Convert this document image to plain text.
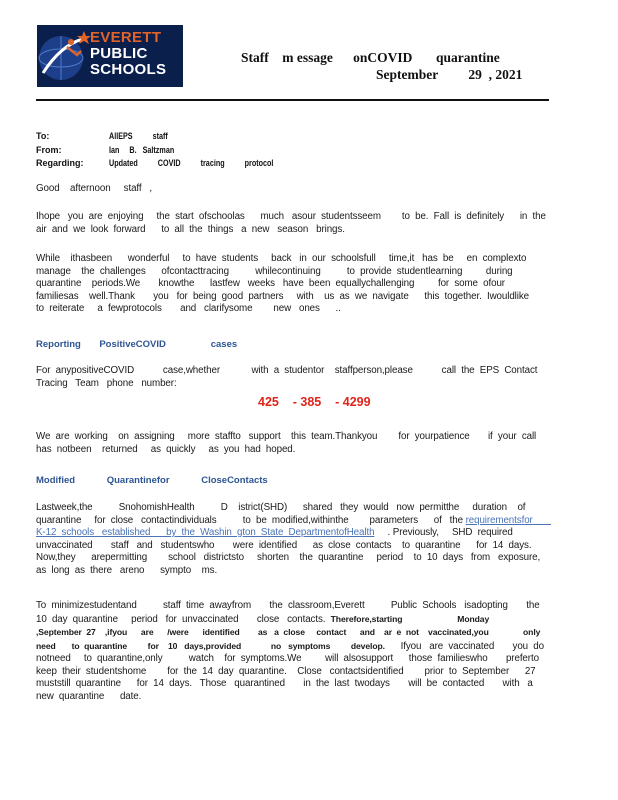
EVERETT
PUBLIC
SCHOOLS
Staff    m essage      onCOVID       quarantine
September         29  , 2021
To:	AllEPS          staff
From:	Ian     B.   Saltzman
Regarding:	Updated          COVID          tracing          protocol

Good    afternoon     staff   ,

Ihope   you  are  enjoying     the  start  ofschoolas      much   asour  studentsseem        to  be.  Fall  is  definitely      in  the  air  and  we  look  forward      to  all  the  things   a  new   season   brings.

While    ithasbeen      wonderful     to  have  students     back   in  our  schoolsfull     time,it   has  be     en  complexto  manage    the  challenges      ofcontacttracing          whilecontinuing          to  provide  studentlearning         during  quarantine    periods.We       knowthe      lastfew   weeks   have  been  equallychallenging         for  some  ofour  familiesas    well.Thank       you   for  being  good  partners     with    us  as  we  navigate      this  together.  Iwouldlike      to  reiterate     a  fewprotocols       and   clarifysome        new   ones      ..

Reporting       PositiveCOVID                 cases

For  anypositiveCOVID           case,whether            with  a  studentor    staffperson,please           call  the  EPS  Contact  Tracing   Team   phone   number:

425    - 385    - 4299

We  are  working    on  assigning     more  staffto   support    this  team.Thankyou        for  yourpatience       if  your  call  has  notbeen    returned     as  quickly     as  you  had  hoped.

Modified            Quarantinefor            CloseContacts

Lastweek,the          SnohomishHealth          D    istrict(SHD)      shared   they  would   now  permitthe     duration    of  quarantine     for  close   contactindividuals          to  be  modified,withinthe        parameters      of   the requirementsfor       K-12  schools   established      by  the  Washin  gton  State  DepartmentofHealth     . Previously,     SHD  required   unvaccinated       staff   and   studentswho       were  identified      as  close  contacts    to  quarantine      for  14  days.  Now,they      arepermitting        school   districtsto     shorten    the  quarantine     period    to  10  days   from   exposure,   as  long  as  there   areno      sympto    ms.

To  minimizestudentand          staff  time  awayfrom       the  classroom,Everett          Public  Schools   isadopting       the  10  day  quarantine     period   for  unvaccinated       close   contacts.  Therefore,starting                        Monday        ,September  27    ,ifyou      are      /were      identified        as   a  close     contact      and    ar  e  not    vaccinated,you               only      need       to  quarantine         for    10   days,provided             no   symptoms         develop.      Ifyou   are  vaccinated       you  do  notneed     to  quarantine,only          watch    for  symptoms.We         will  alsosupport      those  familieswho       preferto    keep  their  studentshome        for  the  14  day  quarantine.    Close   contactsidentified        prior  to  September      27  muststill  quarantine      for  14  days.   Those   quarantined       in  the  last  twodays       will  be  contacted       with   a  new  quarantine      date.
